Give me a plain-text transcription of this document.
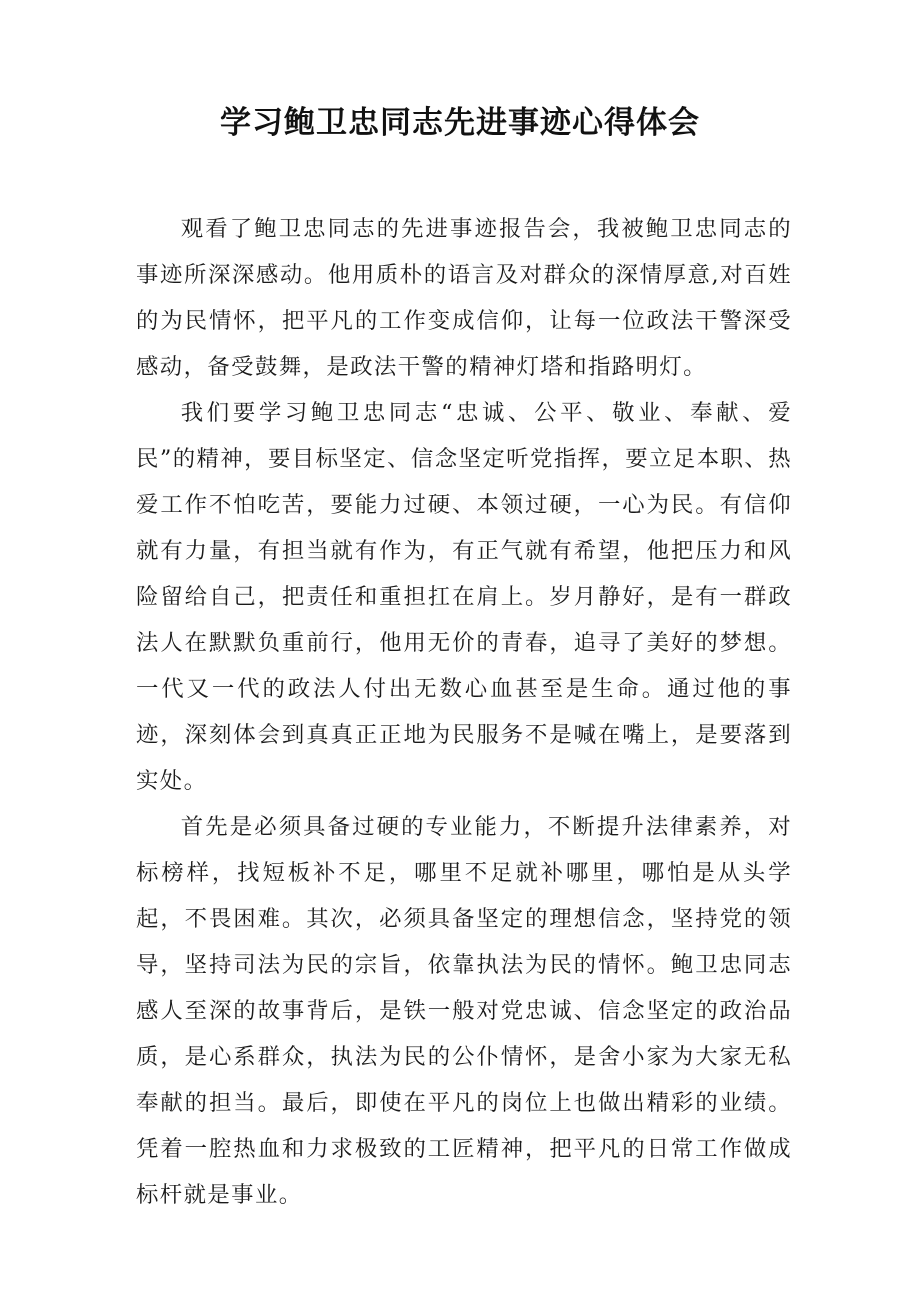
学习鲍卫忠同志先进事迹心得体会

观看了鲍卫忠同志的先进事迹报告会，我被鲍卫忠同志的事迹所深深感动。他用质朴的语言及对群众的深情厚意,对百姓的为民情怀，把平凡的工作变成信仰，让每一位政法干警深受感动，备受鼓舞，是政法干警的精神灯塔和指路明灯。

我们要学习鲍卫忠同志“忠诚、公平、敬业、奉献、爱民”的精神，要目标坚定、信念坚定听党指挥，要立足本职、热爱工作不怕吃苦，要能力过硬、本领过硬，一心为民。有信仰就有力量，有担当就有作为，有正气就有希望，他把压力和风险留给自己，把责任和重担扛在肩上。岁月静好，是有一群政法人在默默负重前行，他用无价的青春，追寻了美好的梦想。一代又一代的政法人付出无数心血甚至是生命。通过他的事迹，深刻体会到真真正正地为民服务不是喊在嘴上，是要落到实处。

首先是必须具备过硬的专业能力，不断提升法律素养，对标榜样，找短板补不足，哪里不足就补哪里，哪怕是从头学起，不畏困难。其次，必须具备坚定的理想信念，坚持党的领导，坚持司法为民的宗旨，依靠执法为民的情怀。鲍卫忠同志感人至深的故事背后，是铁一般对党忠诚、信念坚定的政治品质，是心系群众，执法为民的公仆情怀，是舍小家为大家无私奉献的担当。最后，即使在平凡的岗位上也做出精彩的业绩。凭着一腔热血和力求极致的工匠精神，把平凡的日常工作做成标杆就是事业。
